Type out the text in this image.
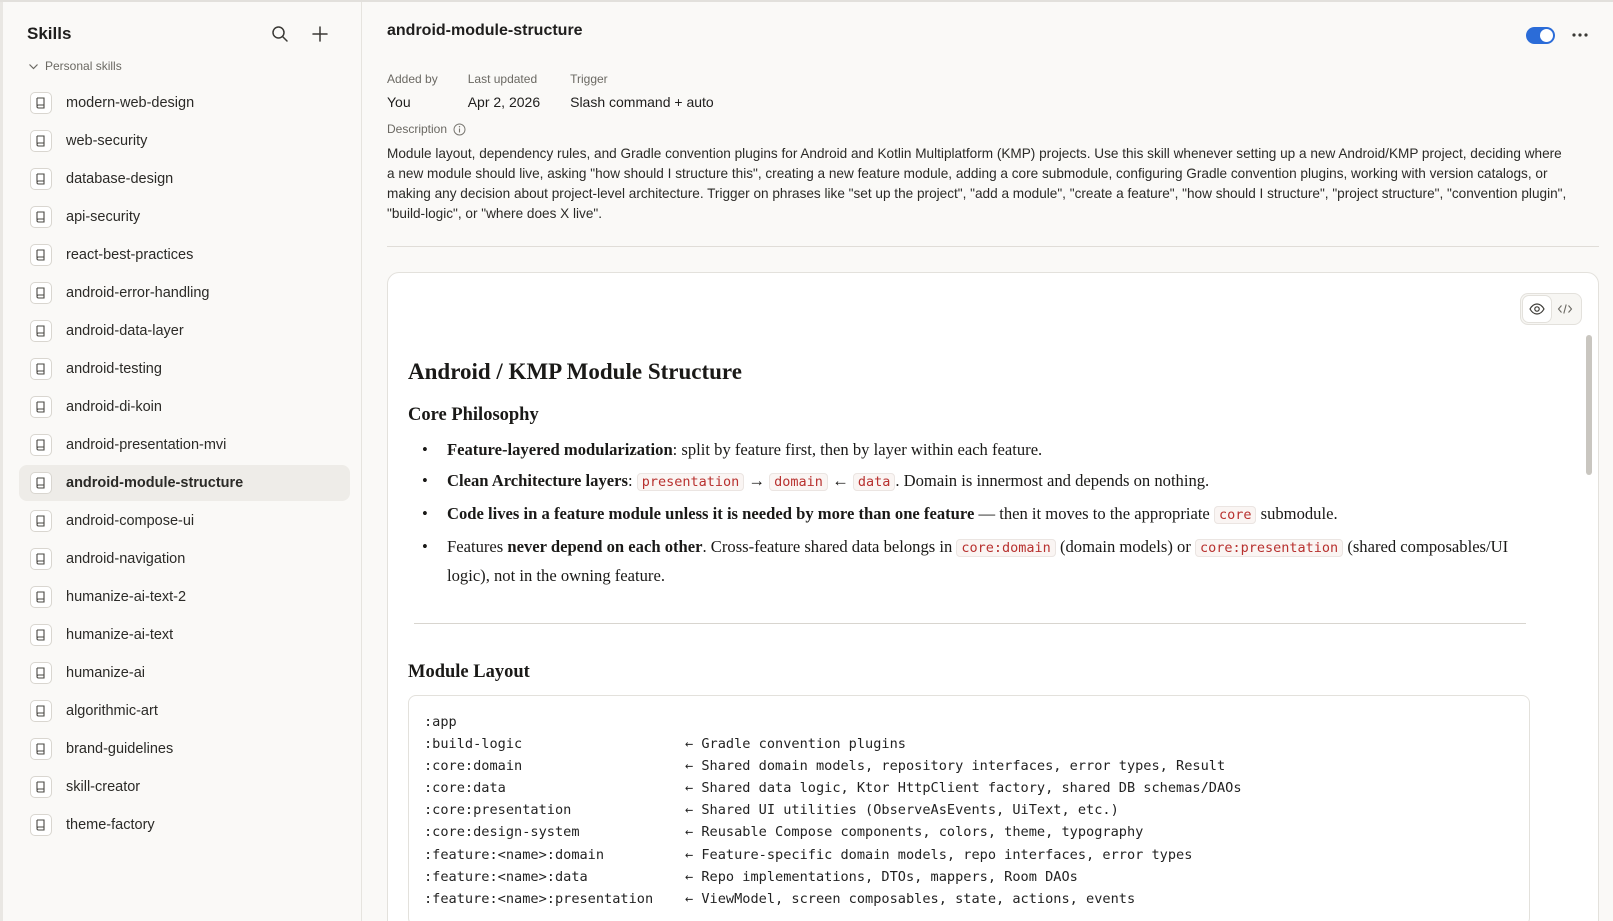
Skills
Personal skills
modern-web-design
web-security
database-design
api-security
react-best-practices
android-error-handling
android-data-layer
android-testing
android-di-koin
android-presentation-mvi
android-module-structure
android-compose-ui
android-navigation
humanize-ai-text-2
humanize-ai-text
humanize-ai
algorithmic-art
brand-guidelines
skill-creator
theme-factory
android-module-structure
Added by
You
Last updated
Apr 2, 2026
Trigger
Slash command + auto
Description
Module layout, dependency rules, and Gradle convention plugins for Android and Kotlin Multiplatform (KMP) projects. Use this skill whenever setting up a new Android/KMP project, deciding where a new module should live, asking "how should I structure this", creating a new feature module, adding a core submodule, configuring Gradle convention plugins, working with version catalogs, or making any decision about project-level architecture. Trigger on phrases like "set up the project", "add a module", "create a feature", "how should I structure", "project structure", "convention plugin", "build-logic", or "where does X live".
Android / KMP Module Structure
Core Philosophy
• Feature-layered modularization: split by feature first, then by layer within each feature.
• Clean Architecture layers: presentation → domain ← data . Domain is innermost and depends on nothing.
• Code lives in a feature module unless it is needed by more than one feature — then it moves to the appropriate core submodule.
• Features never depend on each other. Cross-feature shared data belongs in core:domain (domain models) or core:presentation (shared composables/UI logic), not in the owning feature.
Module Layout
:app
:build-logic	← Gradle convention plugins
:core:domain	← Shared domain models, repository interfaces, error types, Result
:core:data	← Shared data logic, Ktor HttpClient factory, shared DB schemas/DAOs
:core:presentation	← Shared UI utilities (ObserveAsEvents, UiText, etc.)
:core:design-system	← Reusable Compose components, colors, theme, typography
:feature:<name>:domain	← Feature-specific domain models, repo interfaces, error types
:feature:<name>:data	← Repo implementations, DTOs, mappers, Room DAOs
:feature:<name>:presentation	← ViewModel, screen composables, state, actions, events
